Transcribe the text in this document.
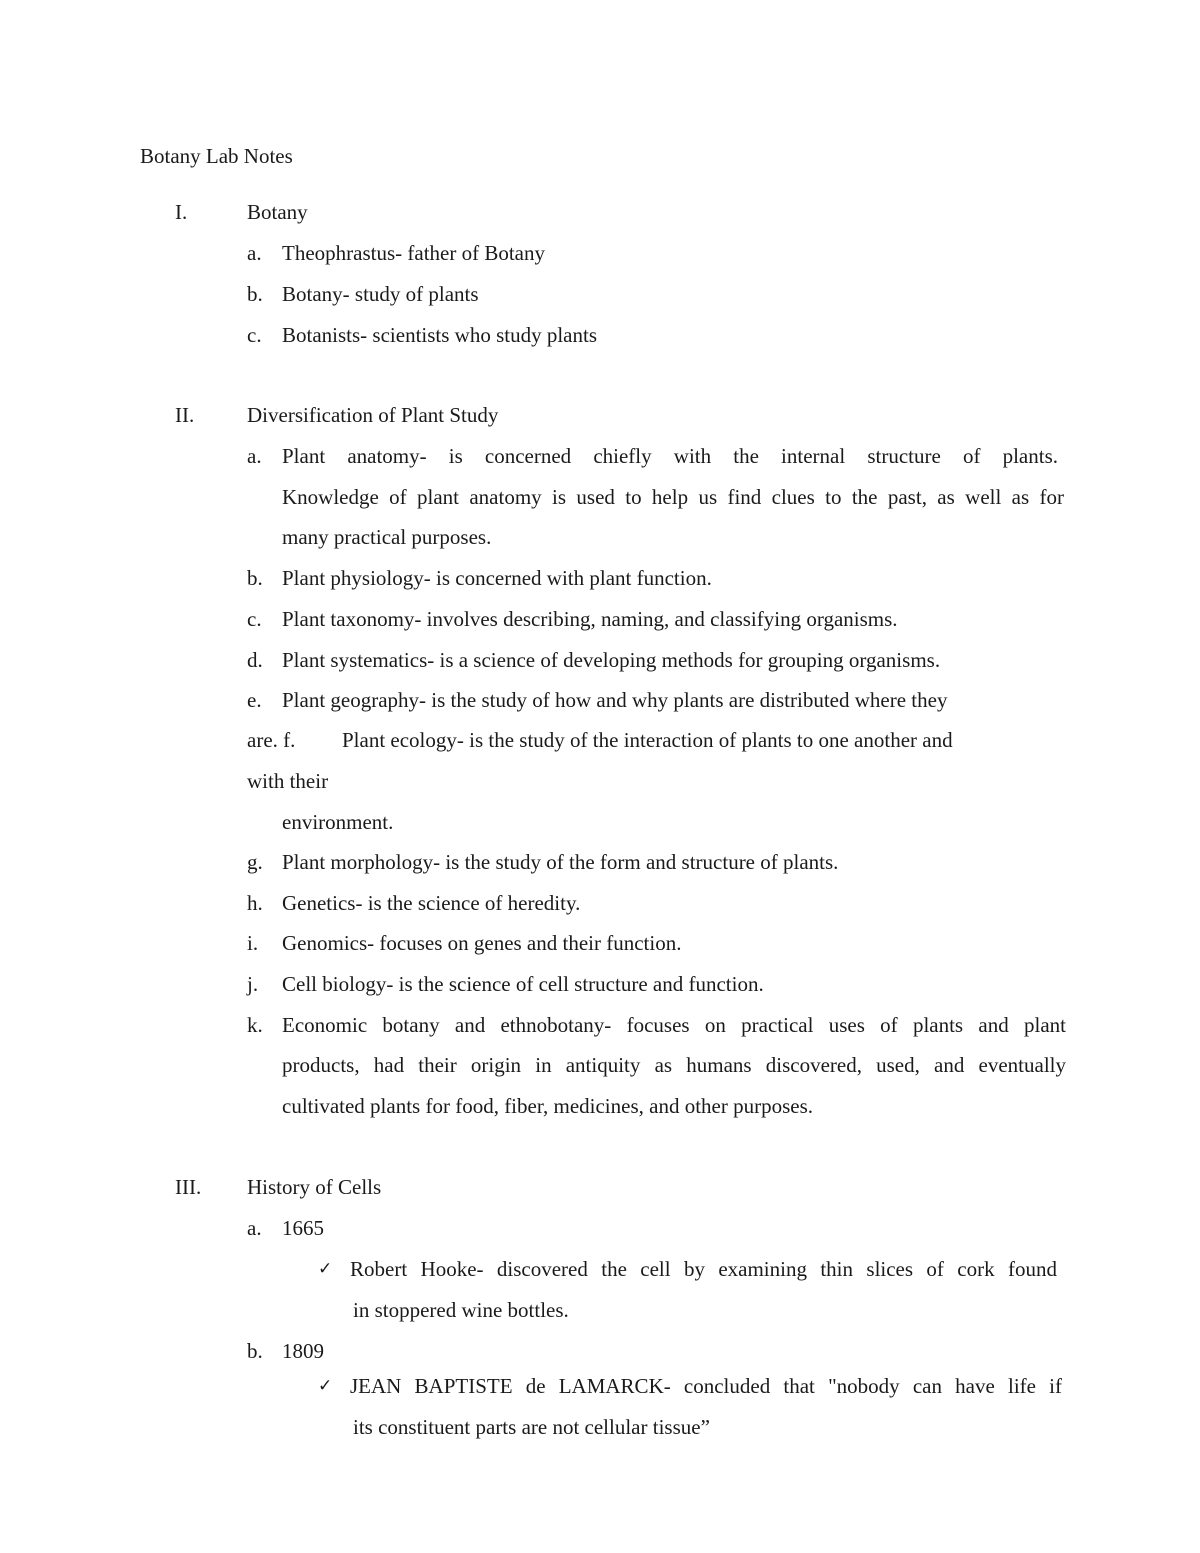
Botany Lab Notes
I.	Botany
a. Theophrastus- father of Botany
b. Botany- study of plants
c. Botanists- scientists who study plants
II.	Diversification of Plant Study
a. Plant anatomy- is concerned chiefly with the internal structure of plants.
Knowledge of plant anatomy is used to help us find clues to the past, as well as for
many practical purposes.
b. Plant physiology- is concerned with plant function.
c. Plant taxonomy- involves describing, naming, and classifying organisms.
d. Plant systematics- is a science of developing methods for grouping organisms.
e. Plant geography- is the study of how and why plants are distributed where they
are. f. Plant ecology- is the study of the interaction of plants to one another and
with their
environment.
g. Plant morphology- is the study of the form and structure of plants.
h. Genetics- is the science of heredity.
i. Genomics- focuses on genes and their function.
j. Cell biology- is the science of cell structure and function.
k. Economic botany and ethnobotany- focuses on practical uses of plants and plant
products, had their origin in antiquity as humans discovered, used, and eventually
cultivated plants for food, fiber, medicines, and other purposes.
III. History of Cells
a. 1665
✓ Robert Hooke- discovered the cell by examining thin slices of cork found
in stoppered wine bottles.
b. 1809
✓ JEAN BAPTISTE de LAMARCK- concluded that "nobody can have life if
its constituent parts are not cellular tissue”
